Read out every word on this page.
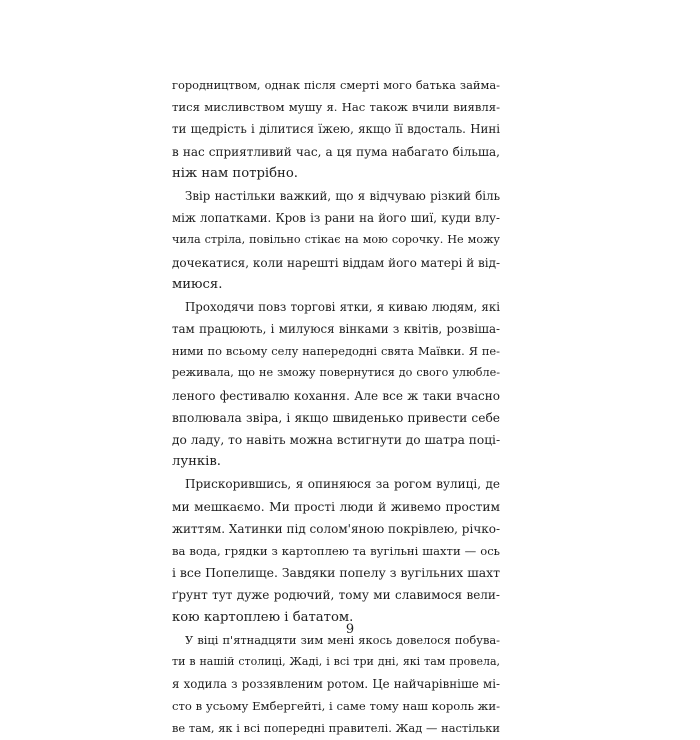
городництвом, однак після смерті мого батька займа-
тися мисливством мушу я. Нас також вчили виявля-
ти щедрість і ділитися їжею, якщо її вдосталь. Нині
в нас сприятливий час, а ця пума набагато більша,
ніж нам потрібно.
Звір настільки важкий, що я відчуваю різкий біль
між лопатками. Кров із рани на його шиї, куди влу-
чила стріла, повільно стікає на мою сорочку. Не можу
дочекатися, коли нарешті віддам його матері й від-
миюся.
Проходячи повз торгові ятки, я киваю людям, які
там працюють, і милуюся вінками з квітів, розвіша-
ними по всьому селу напередодні свята Маївки. Я пе-
реживала, що не зможу повернутися до свого улюбле-
леного фестивалю кохання. Але все ж таки вчасно
вполювала звіра, і якщо швиденько привести себе
до ладу, то навіть можна встигнути до шатра поці-
лунків.
Прискорившись, я опиняюся за рогом вулиці, де
ми мешкаємо. Ми прості люди й живемо простим
життям. Хатинки під солом'яною покрівлею, річко-
ва вода, грядки з картоплею та вугільні шахти — ось
і все Попелище. Завдяки попелу з вугільних шахт
ґрунт тут дуже родючий, тому ми славимося вели-
кою картоплею і бататом.
У віці п'ятнадцяти зим мені якось довелося побува-
ти в нашій столиці, Жаді, і всі три дні, які там провела,
я ходила з роззявленим ротом. Це найчарівніше мі-
сто в усьому Ембергейті, і саме тому наш король жи-
ве там, як і всі попередні правителі. Жад — настільки
9
